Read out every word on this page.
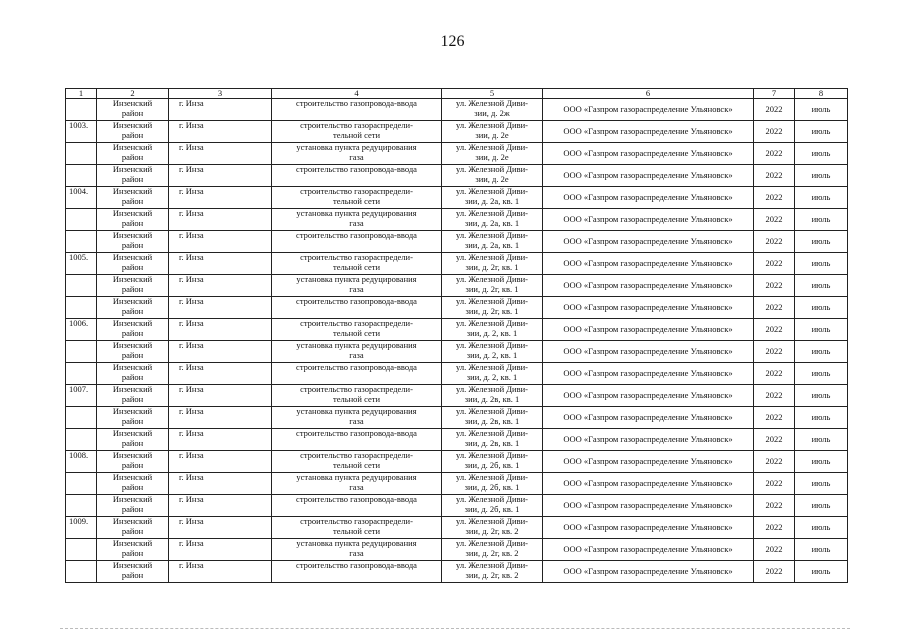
126
1	2	3	4	5	6	7	8

	Инзенский
район	г. Инза	строительство газопровода-ввода	ул. Железной Диви-
зии, д. 2ж	ООО «Газпром газораспределение Ульяновск»	2022	июль

1003.	Инзенский
район	г. Инза	строительство газораспредели-
тельной сети	ул. Железной Диви-
зии, д. 2е	ООО «Газпром газораспределение Ульяновск»	2022	июль

	Инзенский
район	г. Инза	установка пункта редуцирования
газа	ул. Железной Диви-
зии, д. 2е	ООО «Газпром газораспределение Ульяновск»	2022	июль

	Инзенский
район	г. Инза	строительство газопровода-ввода	ул. Железной Диви-
зии, д. 2е	ООО «Газпром газораспределение Ульяновск»	2022	июль

1004.	Инзенский
район	г. Инза	строительство газораспредели-
тельной сети	ул. Железной Диви-
зии, д. 2а, кв. 1	ООО «Газпром газораспределение Ульяновск»	2022	июль

	Инзенский
район	г. Инза	установка пункта редуцирования
газа	ул. Железной Диви-
зии, д. 2а, кв. 1	ООО «Газпром газораспределение Ульяновск»	2022	июль

	Инзенский
район	г. Инза	строительство газопровода-ввода	ул. Железной Диви-
зии, д. 2а, кв. 1	ООО «Газпром газораспределение Ульяновск»	2022	июль

1005.	Инзенский
район	г. Инза	строительство газораспредели-
тельной сети	ул. Железной Диви-
зии, д. 2г, кв. 1	ООО «Газпром газораспределение Ульяновск»	2022	июль

	Инзенский
район	г. Инза	установка пункта редуцирования
газа	ул. Железной Диви-
зии, д. 2г, кв. 1	ООО «Газпром газораспределение Ульяновск»	2022	июль

	Инзенский
район	г. Инза	строительство газопровода-ввода	ул. Железной Диви-
зии, д. 2г, кв. 1	ООО «Газпром газораспределение Ульяновск»	2022	июль

1006.	Инзенский
район	г. Инза	строительство газораспредели-
тельной сети	ул. Железной Диви-
зии, д. 2, кв. 1	ООО «Газпром газораспределение Ульяновск»	2022	июль

	Инзенский
район	г. Инза	установка пункта редуцирования
газа	ул. Железной Диви-
зии, д. 2, кв. 1	ООО «Газпром газораспределение Ульяновск»	2022	июль

	Инзенский
район	г. Инза	строительство газопровода-ввода	ул. Железной Диви-
зии, д. 2, кв. 1	ООО «Газпром газораспределение Ульяновск»	2022	июль

1007.	Инзенский
район	г. Инза	строительство газораспредели-
тельной сети	ул. Железной Диви-
зии, д. 2в, кв. 1	ООО «Газпром газораспределение Ульяновск»	2022	июль

	Инзенский
район	г. Инза	установка пункта редуцирования
газа	ул. Железной Диви-
зии, д. 2в, кв. 1	ООО «Газпром газораспределение Ульяновск»	2022	июль

	Инзенский
район	г. Инза	строительство газопровода-ввода	ул. Железной Диви-
зии, д. 2в, кв. 1	ООО «Газпром газораспределение Ульяновск»	2022	июль

1008.	Инзенский
район	г. Инза	строительство газораспредели-
тельной сети	ул. Железной Диви-
зии, д. 2б, кв. 1	ООО «Газпром газораспределение Ульяновск»	2022	июль

	Инзенский
район	г. Инза	установка пункта редуцирования
газа	ул. Железной Диви-
зии, д. 2б, кв. 1	ООО «Газпром газораспределение Ульяновск»	2022	июль

	Инзенский
район	г. Инза	строительство газопровода-ввода	ул. Железной Диви-
зии, д. 2б, кв. 1	ООО «Газпром газораспределение Ульяновск»	2022	июль

1009.	Инзенский
район	г. Инза	строительство газораспредели-
тельной сети	ул. Железной Диви-
зии, д. 2г, кв. 2	ООО «Газпром газораспределение Ульяновск»	2022	июль

	Инзенский
район	г. Инза	установка пункта редуцирования
газа	ул. Железной Диви-
зии, д. 2г, кв. 2	ООО «Газпром газораспределение Ульяновск»	2022	июль

	Инзенский
район	г. Инза	строительство газопровода-ввода	ул. Железной Диви-
зии, д. 2г, кв. 2	ООО «Газпром газораспределение Ульяновск»	2022	июль
